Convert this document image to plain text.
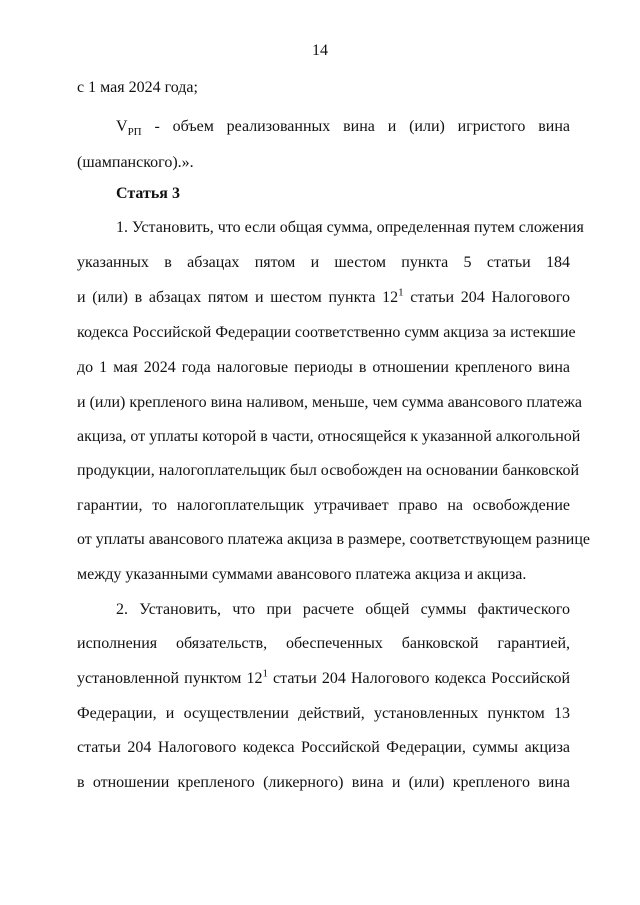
14
с 1 мая 2024 года;
$V_{РП}$ - объем реализованных вина и (или) игристого вина
(шампанского).».
Статья 3
1. Установить, что если общая сумма, определенная путем сложения
указанных в абзацах пятом и шестом пункта 5 статьи 184
и (или) в абзацах пятом и шестом пункта $12^1$ статьи 204 Налогового
кодекса Российской Федерации соответственно сумм акциза за истекшие
до 1 мая 2024 года налоговые периоды в отношении крепленого вина
и (или) крепленого вина наливом, меньше, чем сумма авансового платежа
акциза, от уплаты которой в части, относящейся к указанной алкогольной
продукции, налогоплательщик был освобожден на основании банковской
гарантии, то налогоплательщик утрачивает право на освобождение
от уплаты авансового платежа акциза в размере, соответствующем разнице
между указанными суммами авансового платежа акциза и акциза.
2. Установить, что при расчете общей суммы фактического
исполнения обязательств, обеспеченных банковской гарантией,
установленной пунктом $12^1$ статьи 204 Налогового кодекса Российской
Федерации, и осуществлении действий, установленных пунктом 13
статьи 204 Налогового кодекса Российской Федерации, суммы акциза
в отношении крепленого (ликерного) вина и (или) крепленого вина
